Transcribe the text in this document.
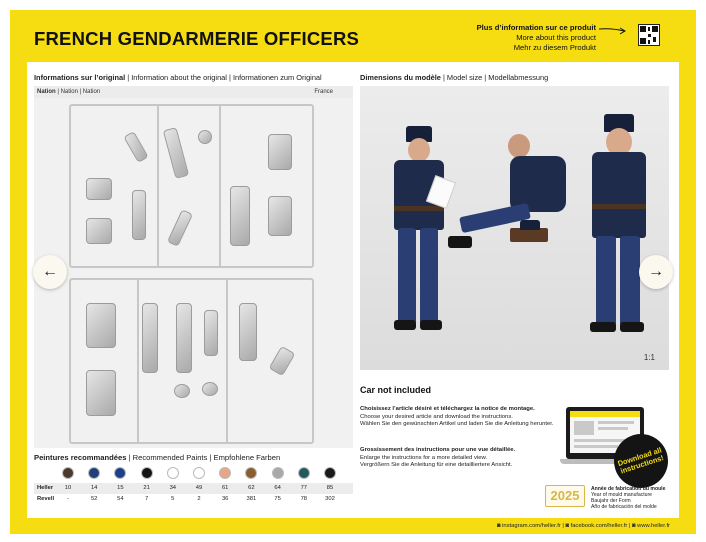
FRENCH GENDARMERIE OFFICERS
Plus d’information sur ce produit
More about this product
Mehr zu diesem Produkt
Informations sur l’original | Information about the original | Informationen zum Original
Nation | Nation | Nation	France
Dimensions du modèle | Model size | Modellabmessung
1:1
←	→
Peintures recommandées | Recommended Paints | Empfohlene Farben
Heller	10	14	15	21	34	49	61	62	64	77	85
Revell	-	52	54	7	5	2	36	381	75	78	302
Car not included
Choisissez l’article désiré et téléchargez la notice de montage.
Choose your desired article and download the instructions.
Wählen Sie den gewünschten Artikel und laden Sie die Anleitung herunter.
Grossissement des instructions pour une vue détaillée.
Enlarge the instructions for a more detailed view.
Vergrößern Sie die Anleitung für eine detailliertere Ansicht.	Download all instructions!
2025	Année de fabrication du moule
Year of mould manufacture
Baujahr der Form
Año de fabricación del molde
◙ instagram.com/heller.fr | ◙ facebook.com/heller.fr | ◙ www.heller.fr
